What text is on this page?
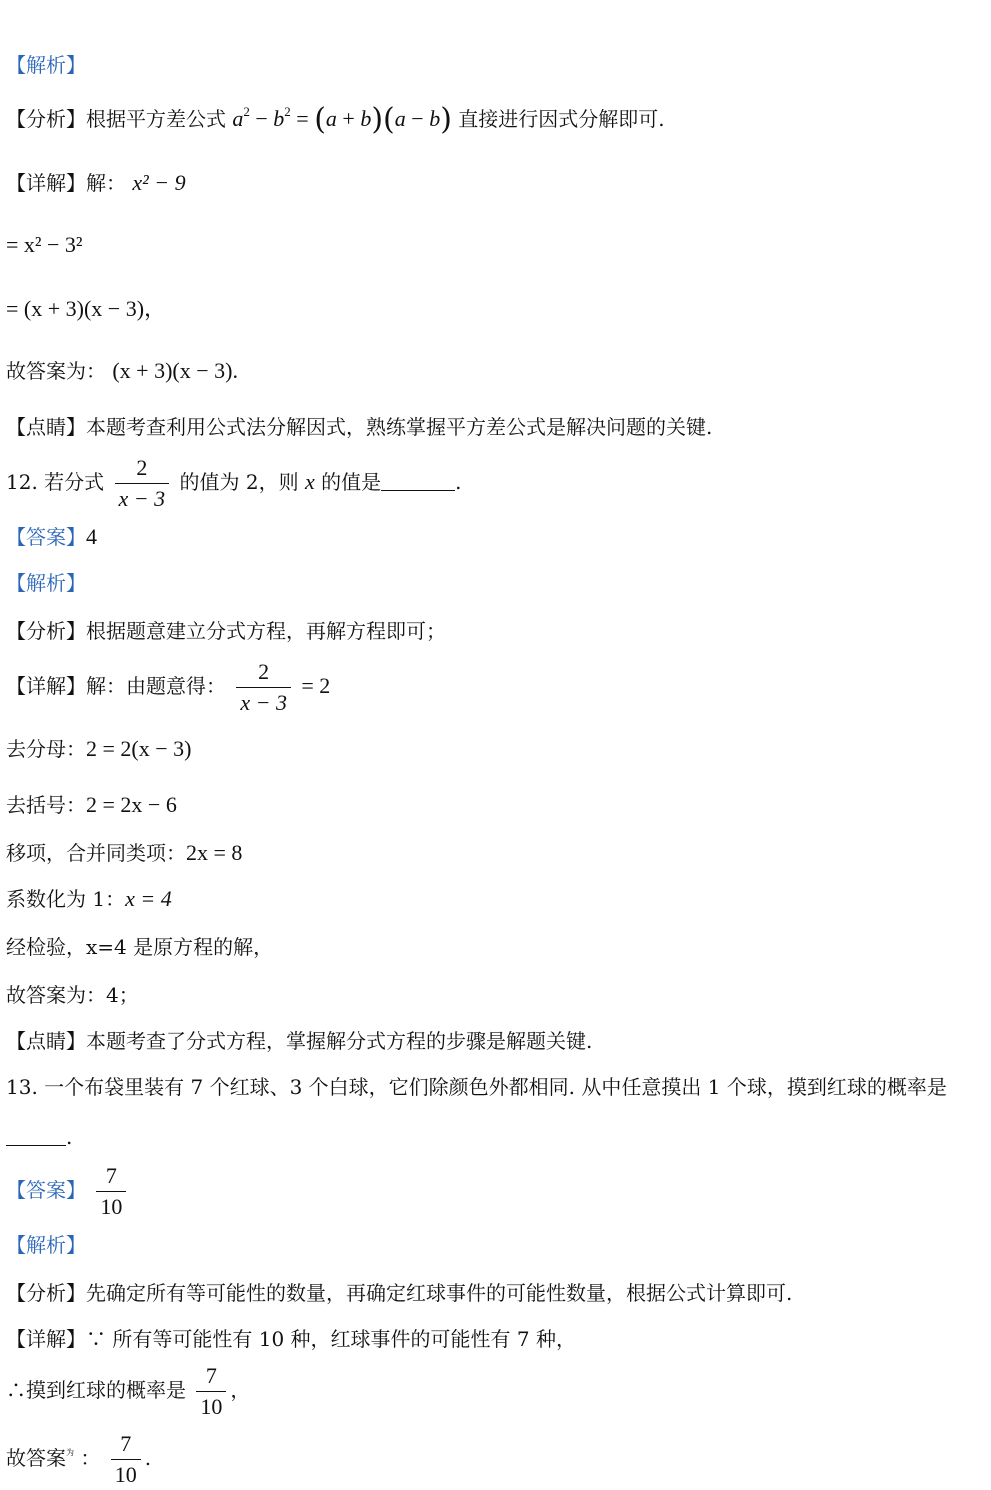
【解析】
【分析】根据平方差公式 $a^2 - b^2 = (a + b)(a - b)$ 直接进行因式分解即可.
【详解】解： x² − 9
= x² − 3²
= (x + 3)(x − 3)，
故答案为： (x + 3)(x − 3).
【点睛】本题考查利用公式法分解因式，熟练掌握平方差公式是解决问题的关键.
12. 若分式 $\frac{2}{x - 3}$ 的值为 2，则 x 的值是	.
【答案】4
【解析】
【分析】根据题意建立分式方程，再解方程即可；
【详解】解：由题意得： $\frac{2}{x - 3} = 2$
去分母：2 = 2(x − 3)
去括号：2 = 2x − 6
移项，合并同类项：2x = 8
系数化为 1：x = 4
经检验，x=4 是原方程的解，
故答案为：4；
【点睛】本题考查了分式方程，掌握解分式方程的步骤是解题关键.
13. 一个布袋里装有 7 个红球、3 个白球，它们除颜色外都相同. 从中任意摸出 1 个球，摸到红球的概率是
.
【答案】 $\frac{7}{10}$
【解析】
【分析】先确定所有等可能性的数量，再确定红球事件的可能性数量，根据公式计算即可.
【详解】∵ 所有等可能性有 10 种，红球事件的可能性有 7 种，
∴摸到红球的概率是 $\frac{7}{10}$ ，
故答案$^为$ ： $\frac{7}{10}$ .
